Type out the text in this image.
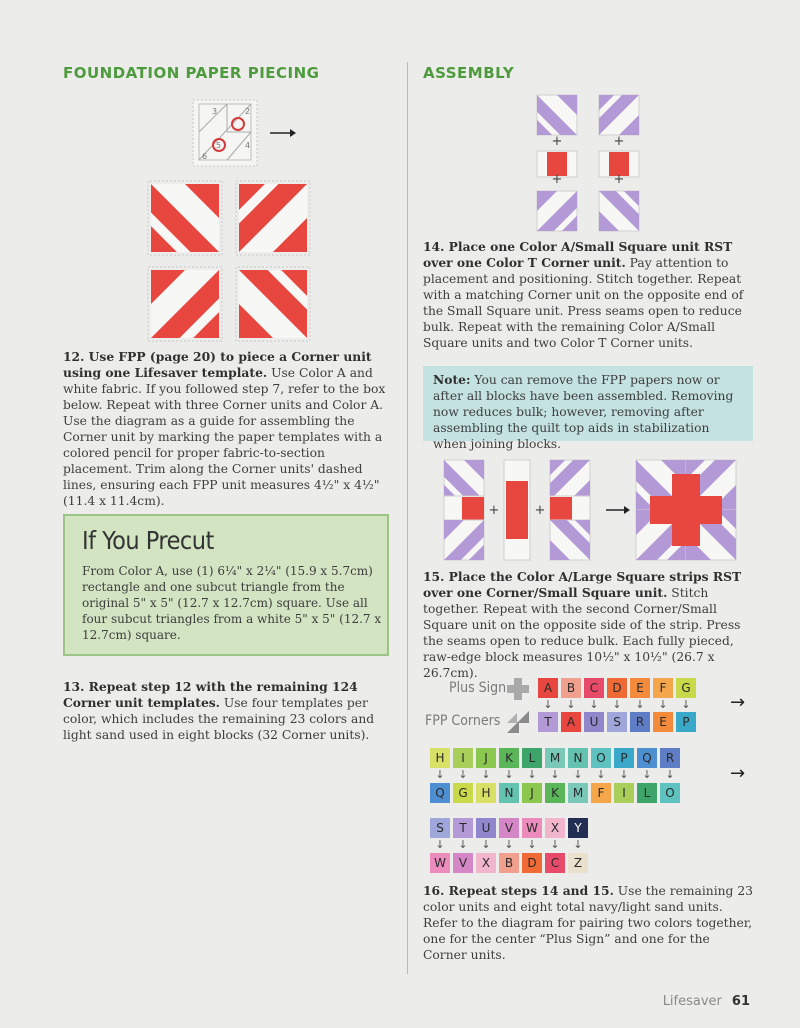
FOUNDATION PAPER PIECING
3	2
5	4
6
12. Use FPP (page 20) to piece a Corner unit using one Lifesaver template. Use Color A and white fabric. If you followed step 7, refer to the box below. Repeat with three Corner units and Color A. Use the diagram as a guide for assembling the Corner unit by marking the paper templates with a colored pencil for proper fabric-to-section placement. Trim along the Corner units' dashed lines, ensuring each FPP unit measures 4½" x 4½" (11.4 x 11.4cm).
If You Precut
From Color A, use (1) 6¼" x 2¼" (15.9 x 5.7cm) rectangle and one subcut triangle from the original 5" x 5" (12.7 x 12.7cm) square. Use all four subcut triangles from a white 5" x 5" (12.7 x 12.7cm) square.
13. Repeat step 12 with the remaining 124 Corner unit templates. Use four templates per color, which includes the remaining 23 colors and light sand used in eight blocks (32 Corner units).
ASSEMBLY
+	+
+	+
14. Place one Color A/Small Square unit RST over one Color T Corner unit. Pay attention to placement and positioning. Stitch together. Repeat with a matching Corner unit on the opposite end of the Small Square unit. Press seams open to reduce bulk. Repeat with the remaining Color A/Small Square units and two Color T Corner units.
Note: You can remove the FPP papers now or after all blocks have been assembled. Removing now reduces bulk; however, removing after assembling the quilt top aids in stabilization when joining blocks.
+	+
15. Place the Color A/Large Square strips RST over one Corner/Small Square unit. Stitch together. Repeat with the second Corner/Small Square unit on the opposite side of the strip. Press the seams open to reduce bulk. Each fully pieced, raw-edge block measures 10½" x 10½" (26.7 x 26.7cm).
Plus Sign
FPP Corners
A	B	C	D	E	F	G
↓	↓	↓	↓	↓	↓	↓
T	A	U	S	R	E	P
→
H	I	J	K	L	M	N	O	P	Q	R
↓	↓	↓	↓	↓	↓	↓	↓	↓	↓	↓
Q	G	H	N	J	K	M	F	I	L	O
→
S	T	U	V	W	X	Y
↓	↓	↓	↓	↓	↓	↓
W	V	X	B	D	C	Z
16. Repeat steps 14 and 15. Use the remaining 23 color units and eight total navy/light sand units. Refer to the diagram for pairing two colors together, one for the center “Plus Sign” and one for the Corner units.
Lifesaver 61
